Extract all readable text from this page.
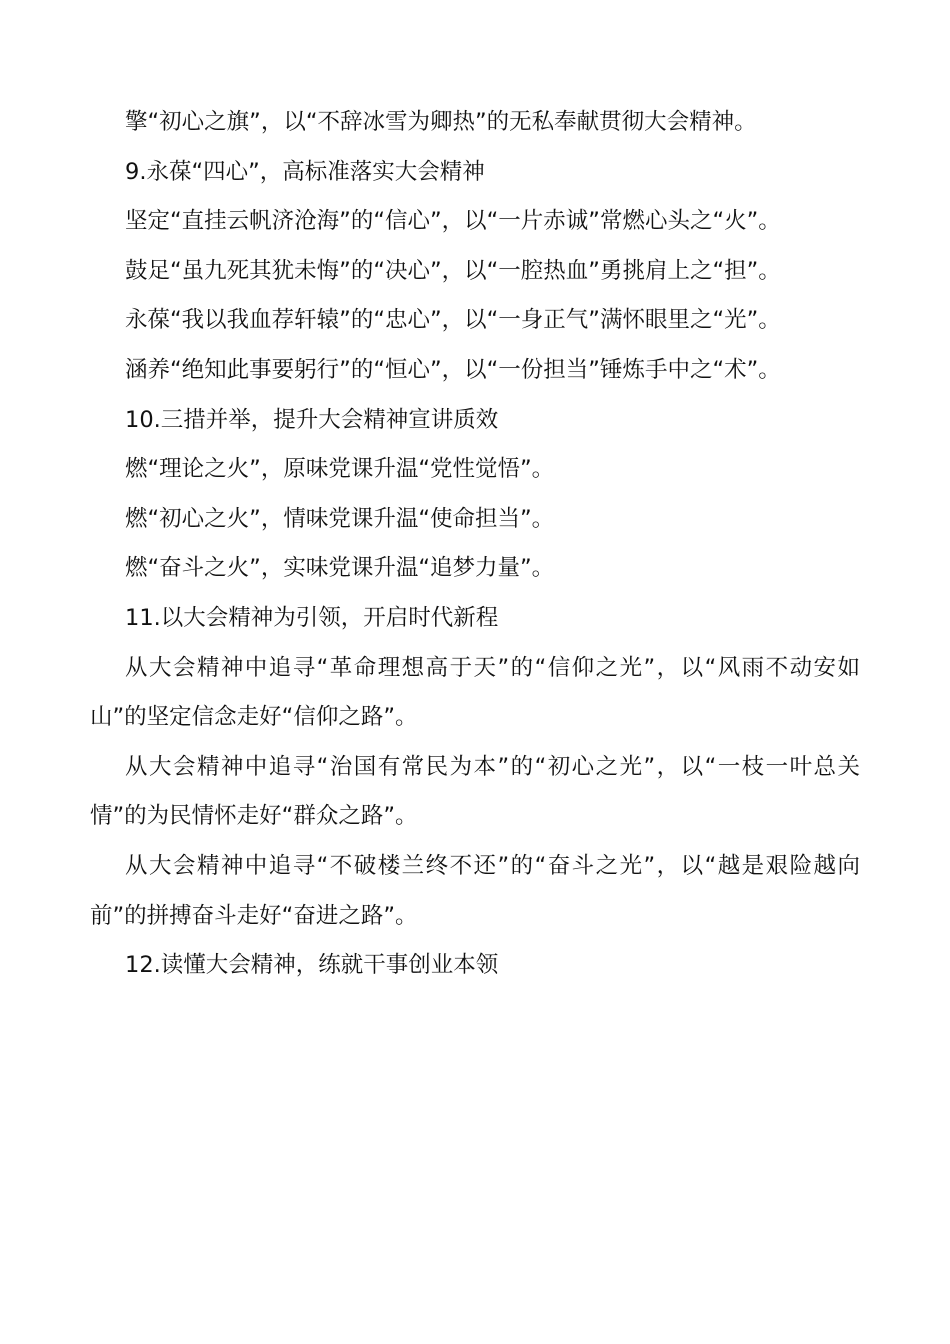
擎“初心之旗”，以“不辞冰雪为卿热”的无私奉献贯彻大会精神。

9.永葆“四心”，高标准落实大会精神

坚定“直挂云帆济沧海”的“信心”，以“一片赤诚”常燃心头之“火”。

鼓足“虽九死其犹未悔”的“决心”，以“一腔热血”勇挑肩上之“担”。

永葆“我以我血荐轩辕”的“忠心”，以“一身正气”满怀眼里之“光”。

涵养“绝知此事要躬行”的“恒心”，以“一份担当”锤炼手中之“术”。

10.三措并举，提升大会精神宣讲质效

燃“理论之火”，原味党课升温“党性觉悟”。

燃“初心之火”，情味党课升温“使命担当”。

燃“奋斗之火”，实味党课升温“追梦力量”。

11.以大会精神为引领，开启时代新程

从大会精神中追寻“革命理想高于天”的“信仰之光”，以“风雨不动安如山”的坚定信念走好“信仰之路”。

从大会精神中追寻“治国有常民为本”的“初心之光”，以“一枝一叶总关情”的为民情怀走好“群众之路”。

从大会精神中追寻“不破楼兰终不还”的“奋斗之光”，以“越是艰险越向前”的拼搏奋斗走好“奋进之路”。

12.读懂大会精神，练就干事创业本领
